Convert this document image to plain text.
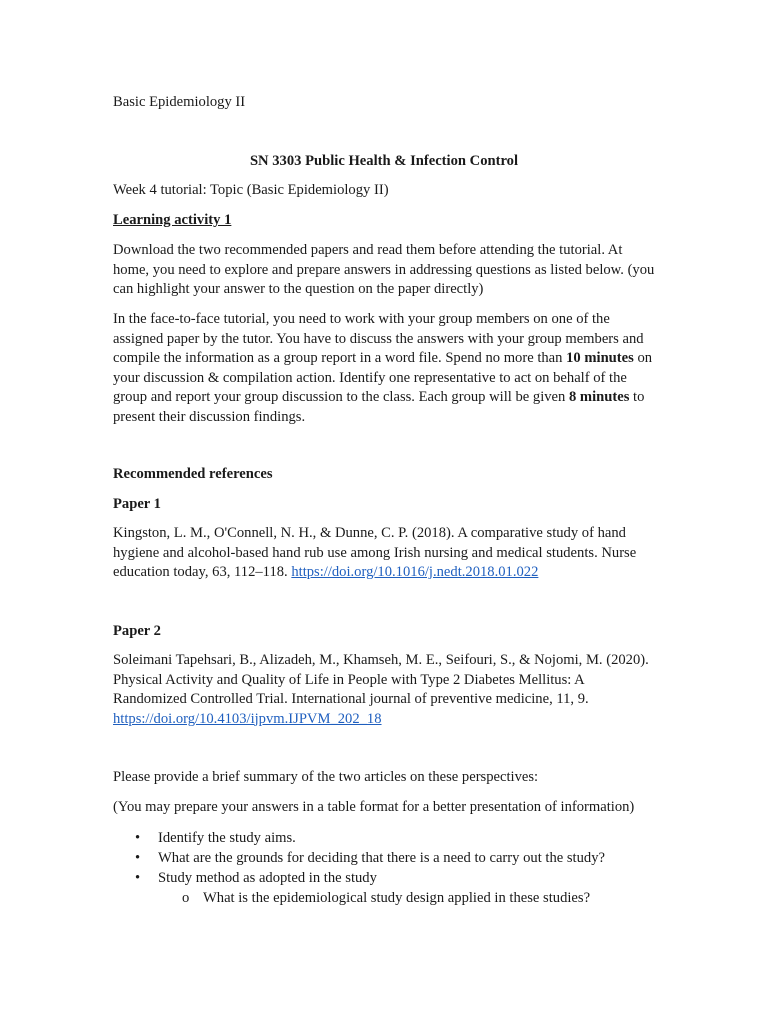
Basic Epidemiology II

SN 3303 Public Health & Infection Control

Week 4 tutorial: Topic (Basic Epidemiology II)

Learning activity 1

Download the two recommended papers and read them before attending the tutorial. At home, you need to explore and prepare answers in addressing questions as listed below. (you can highlight your answer to the question on the paper directly)

In the face-to-face tutorial, you need to work with your group members on one of the assigned paper by the tutor. You have to discuss the answers with your group members and compile the information as a group report in a word file. Spend no more than 10 minutes on your discussion & compilation action. Identify one representative to act on behalf of the group and report your group discussion to the class. Each group will be given 8 minutes to present their discussion findings.

Recommended references

Paper 1

Kingston, L. M., O'Connell, N. H., & Dunne, C. P. (2018). A comparative study of hand hygiene and alcohol-based hand rub use among Irish nursing and medical students. Nurse education today, 63, 112–118. https://doi.org/10.1016/j.nedt.2018.01.022

Paper 2

Soleimani Tapehsari, B., Alizadeh, M., Khamseh, M. E., Seifouri, S., & Nojomi, M. (2020). Physical Activity and Quality of Life in People with Type 2 Diabetes Mellitus: A Randomized Controlled Trial. International journal of preventive medicine, 11, 9. https://doi.org/10.4103/ijpvm.IJPVM_202_18

Please provide a brief summary of the two articles on these perspectives:

(You may prepare your answers in a table format for a better presentation of information)

• Identify the study aims.
• What are the grounds for deciding that there is a need to carry out the study?
• Study method as adopted in the study
o What is the epidemiological study design applied in these studies?
